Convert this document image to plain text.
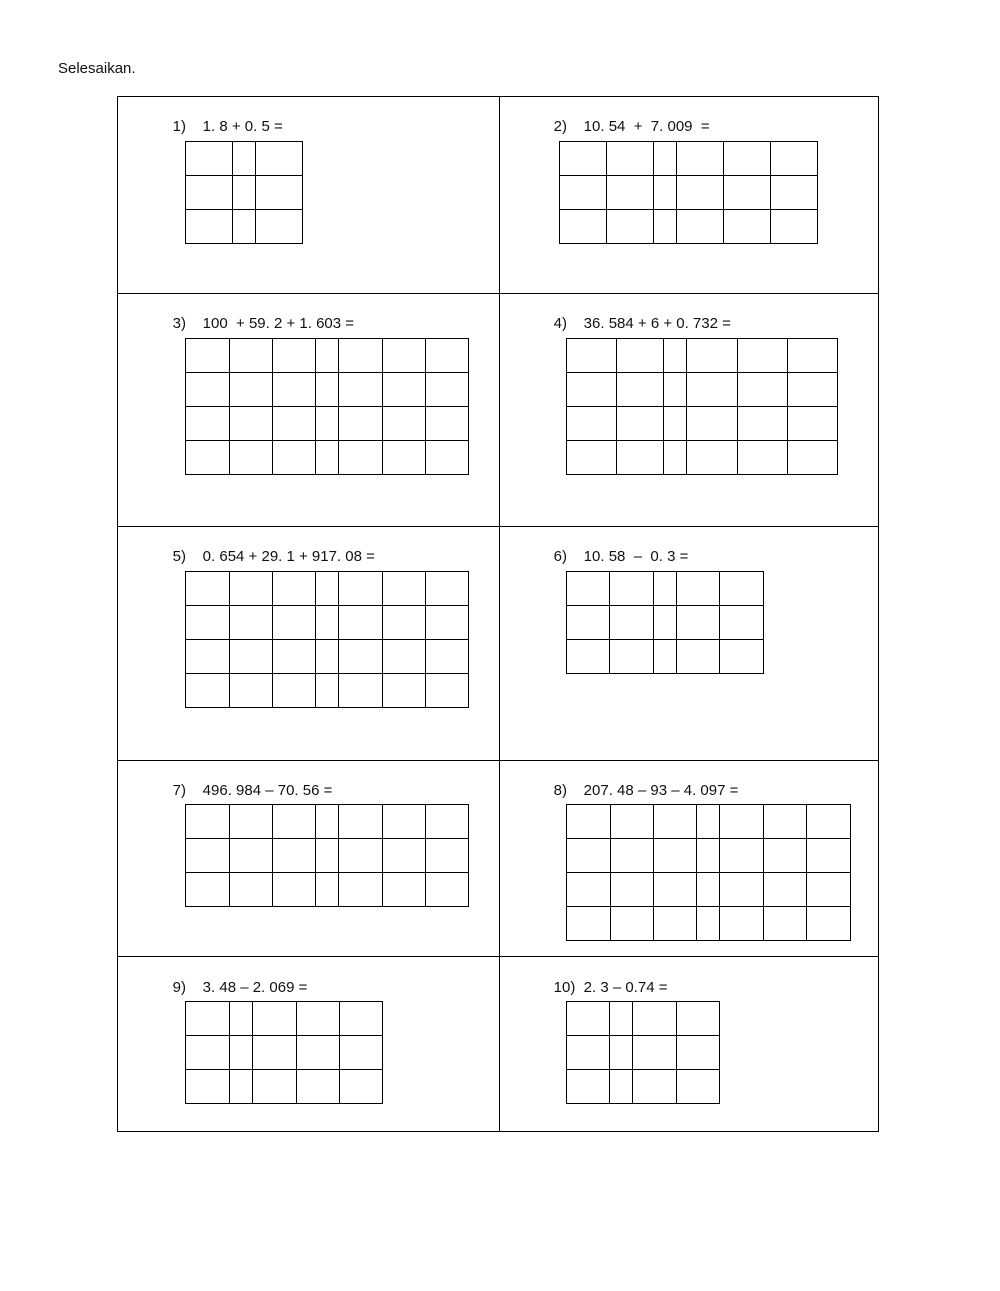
Selesaikan.

1) 1. 8 + 0. 5 =

			2) 10. 54  +  7. 009  =

3) 100  + 59. 2 + 1. 603 =

							4) 36. 584 + 6 + 0. 732 =

5) 0. 654 + 29. 1 + 917. 08 =

							6) 10. 58  –  0. 3 =

7) 496. 984 – 70. 56 =

							8) 207. 48 – 93 – 4. 097 =

9) 3. 48 – 2. 069 =

					10) 2. 3 – 0.74 =
